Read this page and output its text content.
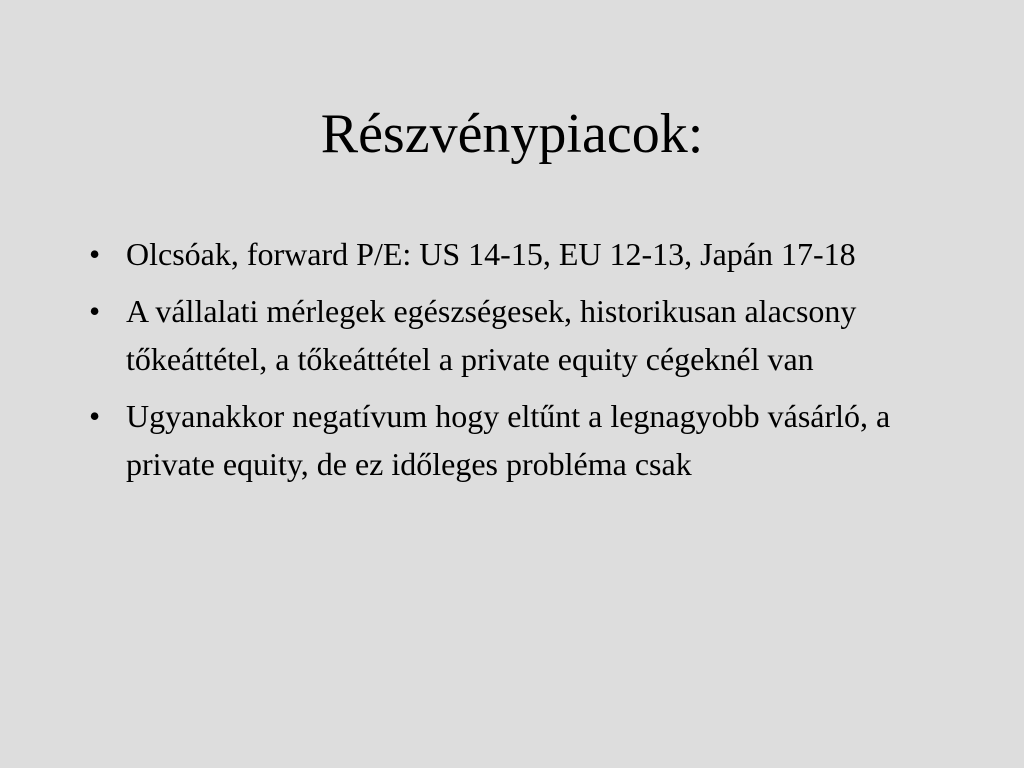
Részvénypiacok:
• Olcsóak, forward P/E: US 14-15, EU 12-13, Japán 17-18
• A vállalati mérlegek egészségesek, historikusan alacsony tőkeáttétel, a tőkeáttétel a private equity cégeknél van
• Ugyanakkor negatívum hogy eltűnt a legnagyobb vásárló, a private equity, de ez időleges probléma csak
